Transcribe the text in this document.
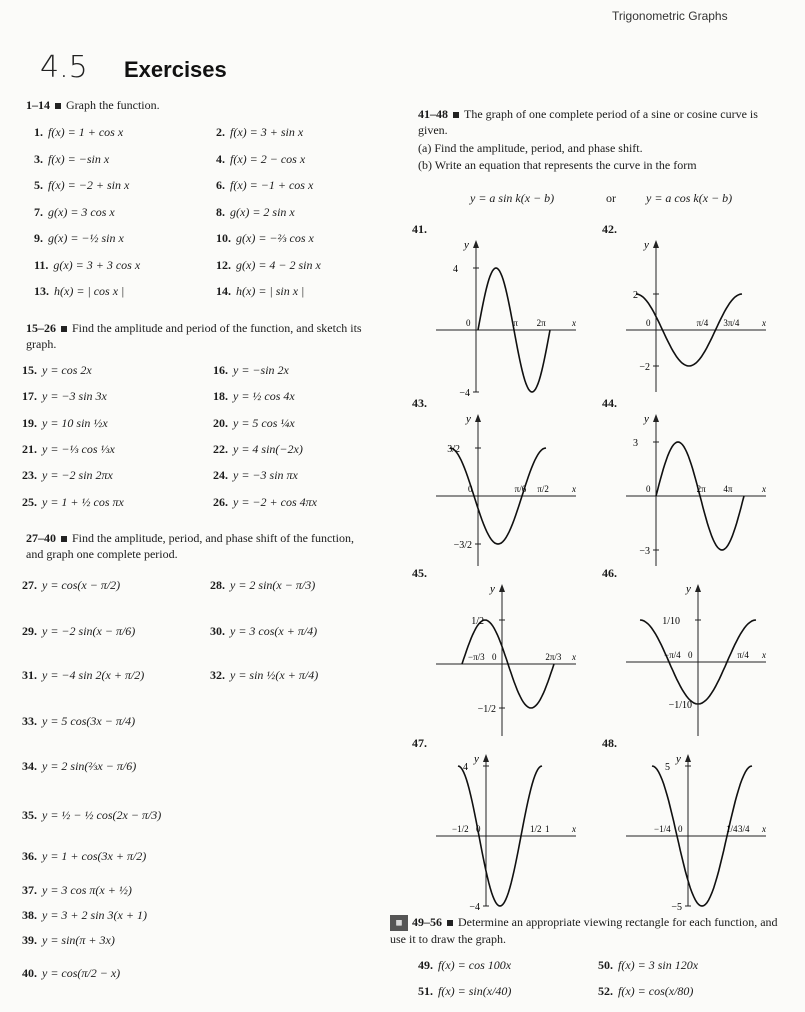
Trigonometric Graphs
4.5 Exercises
1–14 Graph the function.
1. f(x) = 1 + cos x	2. f(x) = 3 + sin x
3. f(x) = −sin x	4. f(x) = 2 − cos x
5. f(x) = −2 + sin x	6. f(x) = −1 + cos x
7. g(x) = 3 cos x	8. g(x) = 2 sin x
9. g(x) = −½ sin x	10. g(x) = −⅔ cos x
11. g(x) = 3 + 3 cos x	12. g(x) = 4 − 2 sin x
13. h(x) = | cos x |	14. h(x) = | sin x |
15–26 Find the amplitude and period of the function, and sketch its graph.
15. y = cos 2x	16. y = −sin 2x
17. y = −3 sin 3x	18. y = ½ cos 4x
19. y = 10 sin ½x	20. y = 5 cos ¼x
21. y = −⅓ cos ⅓x	22. y = 4 sin(−2x)
23. y = −2 sin 2πx	24. y = −3 sin πx
25. y = 1 + ½ cos πx	26. y = −2 + cos 4πx
27–40 Find the amplitude, period, and phase shift of the function, and graph one complete period.
27. y = cos(x − π/2)	28. y = 2 sin(x − π/3)
29. y = −2 sin(x − π/6)	30. y = 3 cos(x + π/4)
31. y = −4 sin 2(x + π/2)	32. y = sin ½(x + π/4)
33. y = 5 cos(3x − π/4)
34. y = 2 sin(⅔x − π/6)
35. y = ½ − ½ cos(2x − π/3)
36. y = 1 + cos(3x + π/2)
37. y = 3 cos π(x + ½)
38. y = 3 + 2 sin 3(x + 1)
39. y = sin(π + 3x)
40. y = cos(π/2 − x)
41–48 The graph of one complete period of a sine or cosine curve is given.
(a) Find the amplitude, period, and phase shift.
(b) Write an equation that represents the curve in the form
y = a sin k(x − b)	or	y = a cos k(x − b)
41.
y
4
−4
0	π 2π	x
42.
y
2
−2
0	π/4 3π/4	x
43.
y
3/2
−3/2
0	π/6 π/2	x
44.
y
3
−3
0	2π 4π	x
45.
y
1/2
−1/2
−π/3 0	2π/3 x
46.
y
1/10
−1/10
−π/4 0	π/4 x
47.
y
4
−4
−1/2 0	1/2 1	x
48.
y
5
−5
−1/4 0	1/4 3/4 x
▦ 49–56 Determine an appropriate viewing rectangle for each function, and use it to draw the graph.
49. f(x) = cos 100x	50. f(x) = 3 sin 120x
51. f(x) = sin(x/40)	52. f(x) = cos(x/80)
